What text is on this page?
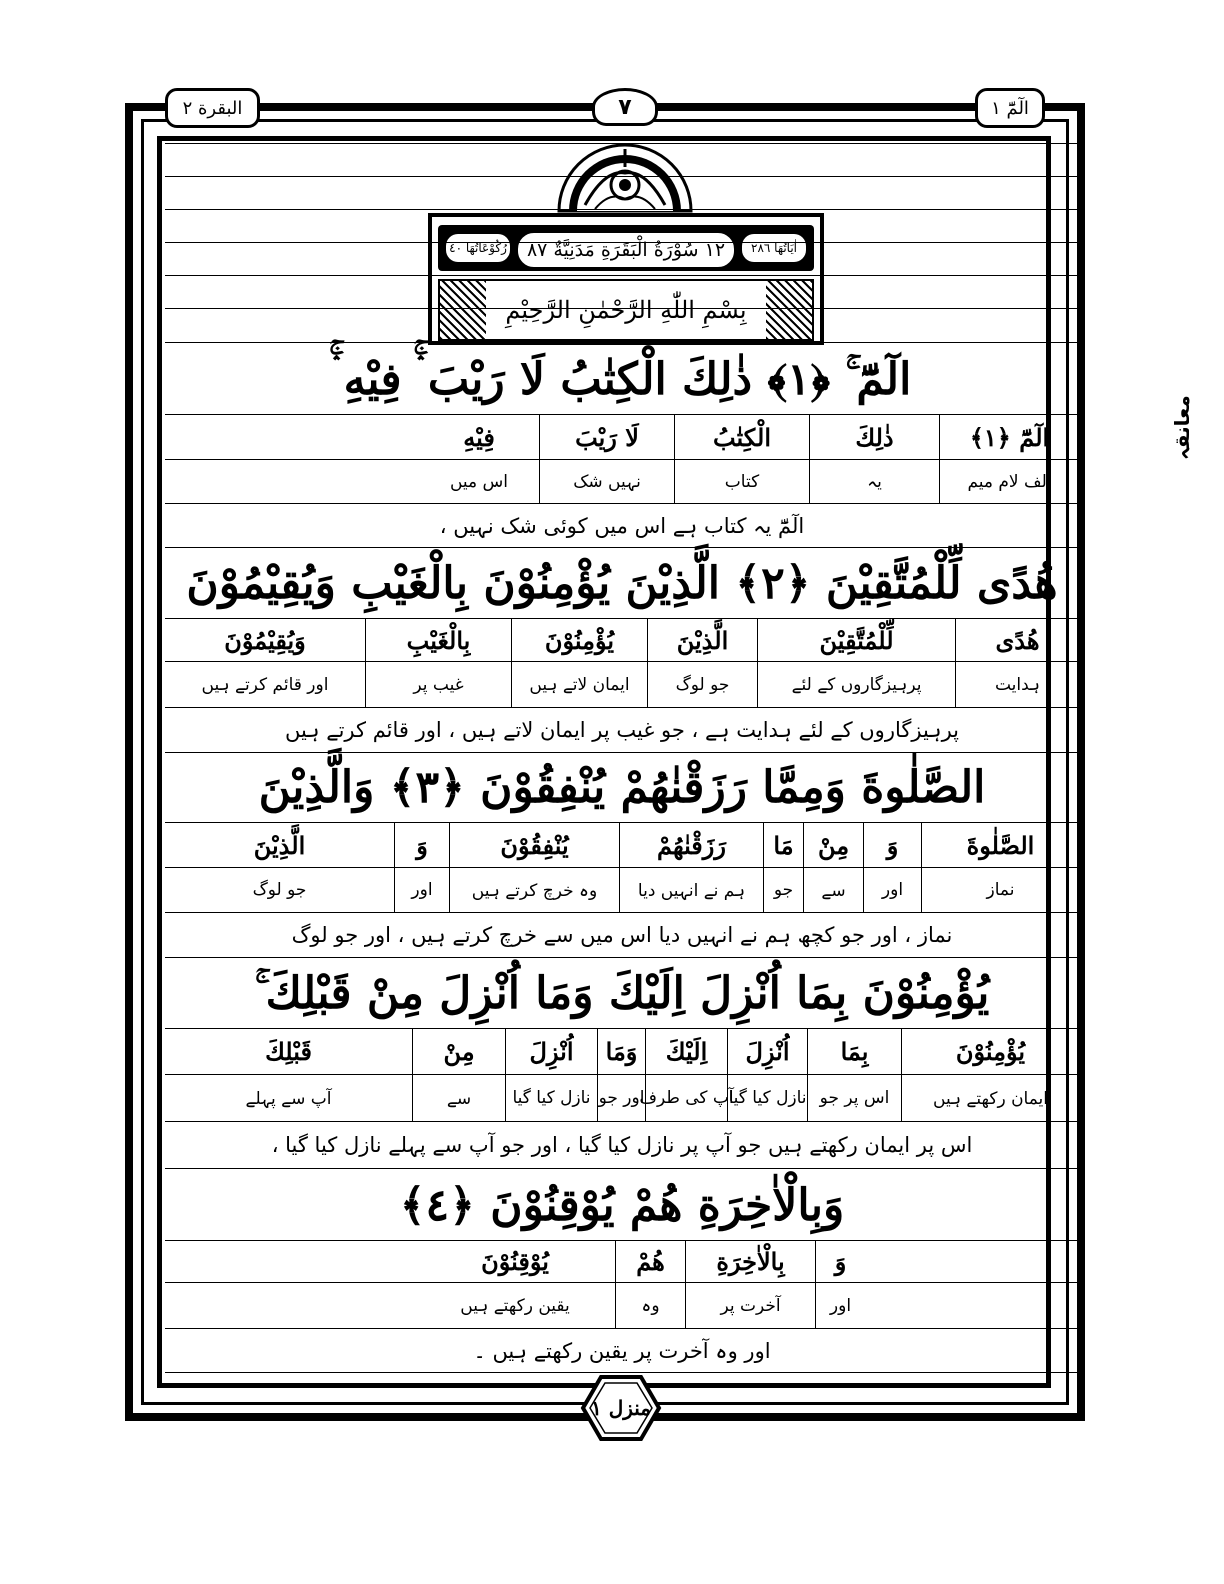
البقرة ٢	٧	الٓمّٓ ١
اٰيَاتُهَا ٢٨٦
١٢ سُوْرَةُ الْبَقَرَةِ مَدَنِيَّةٌ ٨٧
رُكُوْعَاتُهَا ٤٠
بِسْمِ اللّٰهِ الرَّحْمٰنِ الرَّحِيْمِ
معانقہ
الٓمّٓ ۚ ﴿١﴾ ذٰلِكَ الْكِتٰبُ لَا رَيْبَ ۛۚ فِيْهِ ۛۚ
الٓمّٓ ﴿١﴾
ذٰلِكَ
الْكِتٰبُ
لَا رَيْبَ
فِيْهِ
الف لام میم
یہ
کتاب
نہیں شک
اس میں
الٓمّٓ یہ کتاب ہے اس میں کوئی شک نہیں ،
هُدًى لِّلْمُتَّقِيْنَ ﴿٢﴾ الَّذِيْنَ يُؤْمِنُوْنَ بِالْغَيْبِ وَيُقِيْمُوْنَ
هُدًى
لِّلْمُتَّقِيْنَ
الَّذِيْنَ
يُؤْمِنُوْنَ
بِالْغَيْبِ
وَيُقِيْمُوْنَ
ہدایت
پرہیزگاروں کے لئے
جو لوگ
ایمان لاتے ہیں
غیب پر
اور قائم کرتے ہیں
پرہیزگاروں کے لئے ہدایت ہے ، جو غیب پر ایمان لاتے ہیں ، اور قائم کرتے ہیں
الصَّلٰوةَ وَمِمَّا رَزَقْنٰهُمْ يُنْفِقُوْنَ ﴿٣﴾ وَالَّذِيْنَ
الصَّلٰوةَ
وَ
مِنْ
مَا
رَزَقْنٰهُمْ
يُنْفِقُوْنَ
وَ
الَّذِيْنَ
نماز
اور
سے
جو
ہم نے انہیں دیا
وہ خرچ کرتے ہیں
اور
جو لوگ
نماز ، اور جو کچھ ہم نے انہیں دیا اس میں سے خرچ کرتے ہیں ، اور جو لوگ
يُؤْمِنُوْنَ بِمَا اُنْزِلَ اِلَيْكَ وَمَا اُنْزِلَ مِنْ قَبْلِكَ ۚ
يُؤْمِنُوْنَ
بِمَا
اُنْزِلَ
اِلَيْكَ
وَمَا
اُنْزِلَ
مِنْ
قَبْلِكَ
ایمان رکھتے ہیں
اس پر جو
نازل کیا گیا
آپ کی طرف
اور جو
نازل کیا گیا
سے
آپ سے پہلے
اس پر ایمان رکھتے ہیں جو آپ پر نازل کیا گیا ، اور جو آپ سے پہلے نازل کیا گیا ،
وَبِالْاٰخِرَةِ هُمْ يُوْقِنُوْنَ ﴿٤﴾
وَ
بِالْاٰخِرَةِ
هُمْ
يُوْقِنُوْنَ
اور
آخرت پر
وہ
یقین رکھتے ہیں
اور وہ آخرت پر یقین رکھتے ہیں ۔
منزل ١
